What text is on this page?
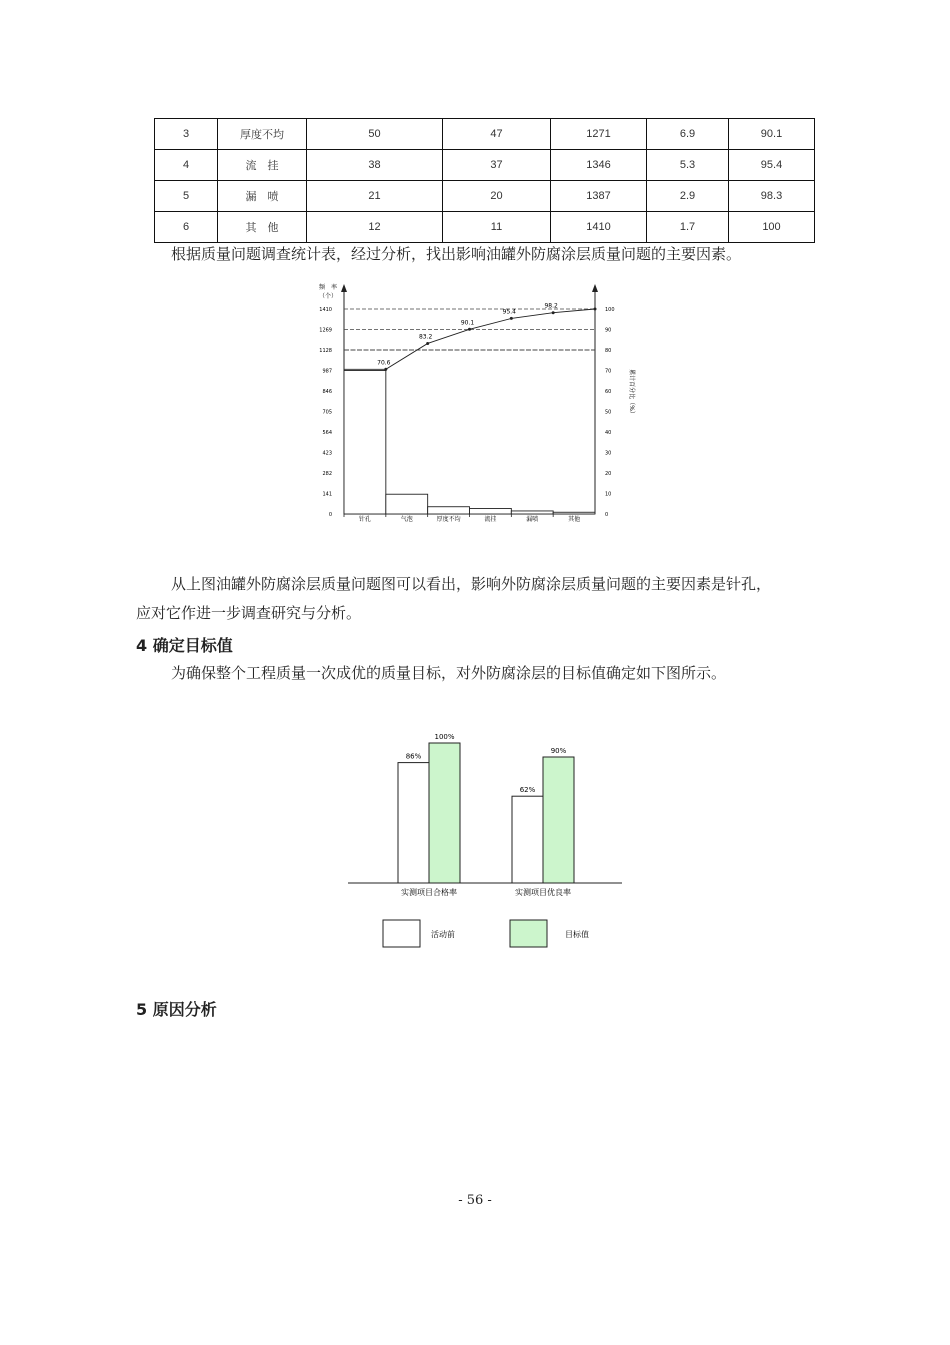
3	厚度不均	50	47	1271	6.9	90.1
4	流　挂	38	37	1346	5.3	95.4
5	漏　喷	21	20	1387	2.9	98.3
6	其　他	12	11	1410	1.7	100
根据质量问题调查统计表，经过分析，找出影响油罐外防腐涂层质量问题的主要因素。
频　率
（个）
0
141
282
423
564
705
846
987
1128
1269
1410
0
10
20
30
40
50
60
70
80
90
100
累计百分比（%）
针孔	气泡	厚度不均	流挂	漏喷	其他
70.6
83.2
90.1
95.4
98.2
从上图油罐外防腐涂层质量问题图可以看出，影响外防腐涂层质量问题的主要因素是针孔，
应对它作进一步调查研究与分析。
4 确定目标值
为确保整个工程质量一次成优的质量目标，对外防腐涂层的目标值确定如下图所示。
86%
100%
实测项目合格率
62%
90%
实测项目优良率
活动前	目标值
5 原因分析
- 56 -
